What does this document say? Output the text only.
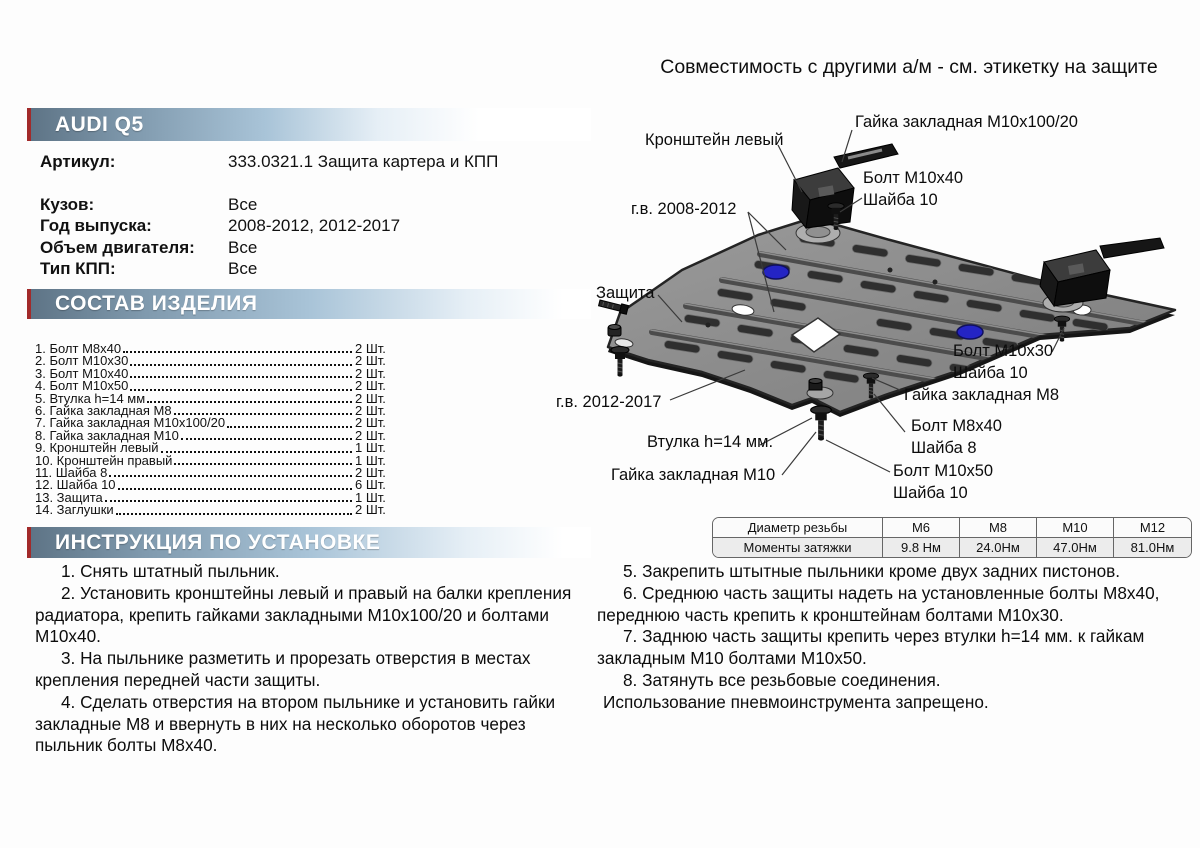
Совместимость с другими а/м - см. этикетку на защите
AUDI Q5
Артикул:	333.0321.1 Защита картера и КПП
Кузов:	Все
Год выпуска:	2008-2012, 2012-2017
Объем двигателя:	Все
Тип КПП:	Все
СОСТАВ ИЗДЕЛИЯ
1. Болт М8х40	2 Шт.
2. Болт М10х30	2 Шт.
3. Болт М10х40	2 Шт.
4. Болт М10х50	2 Шт.
5. Втулка h=14 мм	2 Шт.
6. Гайка закладная М8	2 Шт.
7. Гайка закладная М10х100/20	2 Шт.
8. Гайка закладная М10	2 Шт.
9. Кронштейн левый	1 Шт.
10. Кронштейн правый	1 Шт.
11. Шайба 8	2 Шт.
12. Шайба 10	6 Шт.
13. Защита	1 Шт.
14. Заглушки	2 Шт.
ИНСТРУКЦИЯ ПО УСТАНОВКЕ

1. Снять штатный пыльник.

2. Установить кронштейны левый и правый на балки крепления радиатора, крепить гайками закладными М10х100/20 и болтами М10х40.

3. На пыльнике разметить и прорезать отверстия в местах крепления передней части защиты.

4. Сделать отверстия на втором пыльнике и установить гайки закладные М8 и ввернуть в них на несколько оборотов через пыльник болты М8х40.

5. Закрепить штытные пыльники кроме двух задних пистонов.

6. Среднюю часть защиты надеть на установленные болты М8х40, переднюю часть крепить к кронштейнам болтами М10х30.

7. Заднюю часть защиты крепить через втулки h=14 мм. к гайкам закладным М10 болтами М10х50.

8. Затянуть все резьбовые соединения.

Использование пневмоинструмента запрещено.

Кронштейн левый
Гайка закладная М10х100/20
Болт М10х40
Шайба 10
г.в. 2008-2012
Защита
г.в. 2012-2017
Втулка h=14 мм.
Гайка закладная М10
Болт М10х30
Шайба 10
Гайка закладная М8
Болт М8х40
Шайба 8
Болт М10х50
Шайба 10
Диаметр резьбы	М6	М8	М10	М12
Моменты затяжки	9.8 Нм	24.0Нм	47.0Нм	81.0Нм
